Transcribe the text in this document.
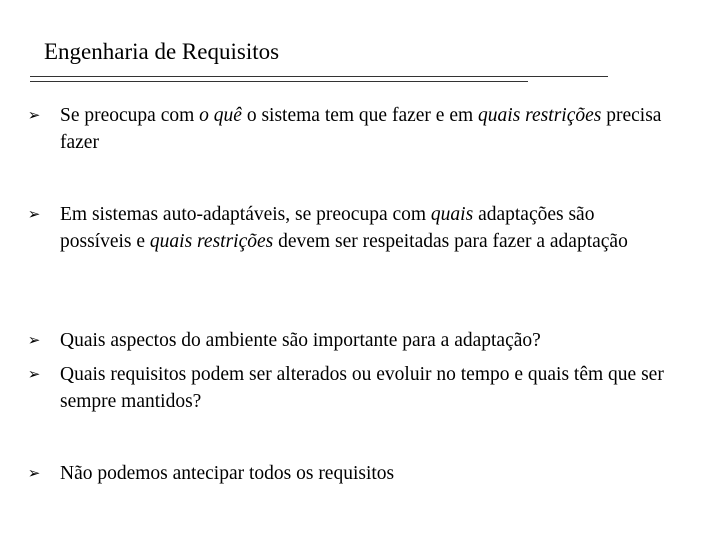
Engenharia de Requisitos
➢ Se preocupa com o quê o sistema tem que fazer e em quais restrições precisa fazer
➢ Em sistemas auto-adaptáveis, se preocupa com quais adaptações são possíveis e quais restrições devem ser respeitadas para fazer a adaptação
➢ Quais aspectos do ambiente são importante para a adaptação?
➢ Quais requisitos podem ser alterados ou evoluir no tempo e quais têm que ser sempre mantidos?
➢ Não podemos antecipar todos os requisitos
